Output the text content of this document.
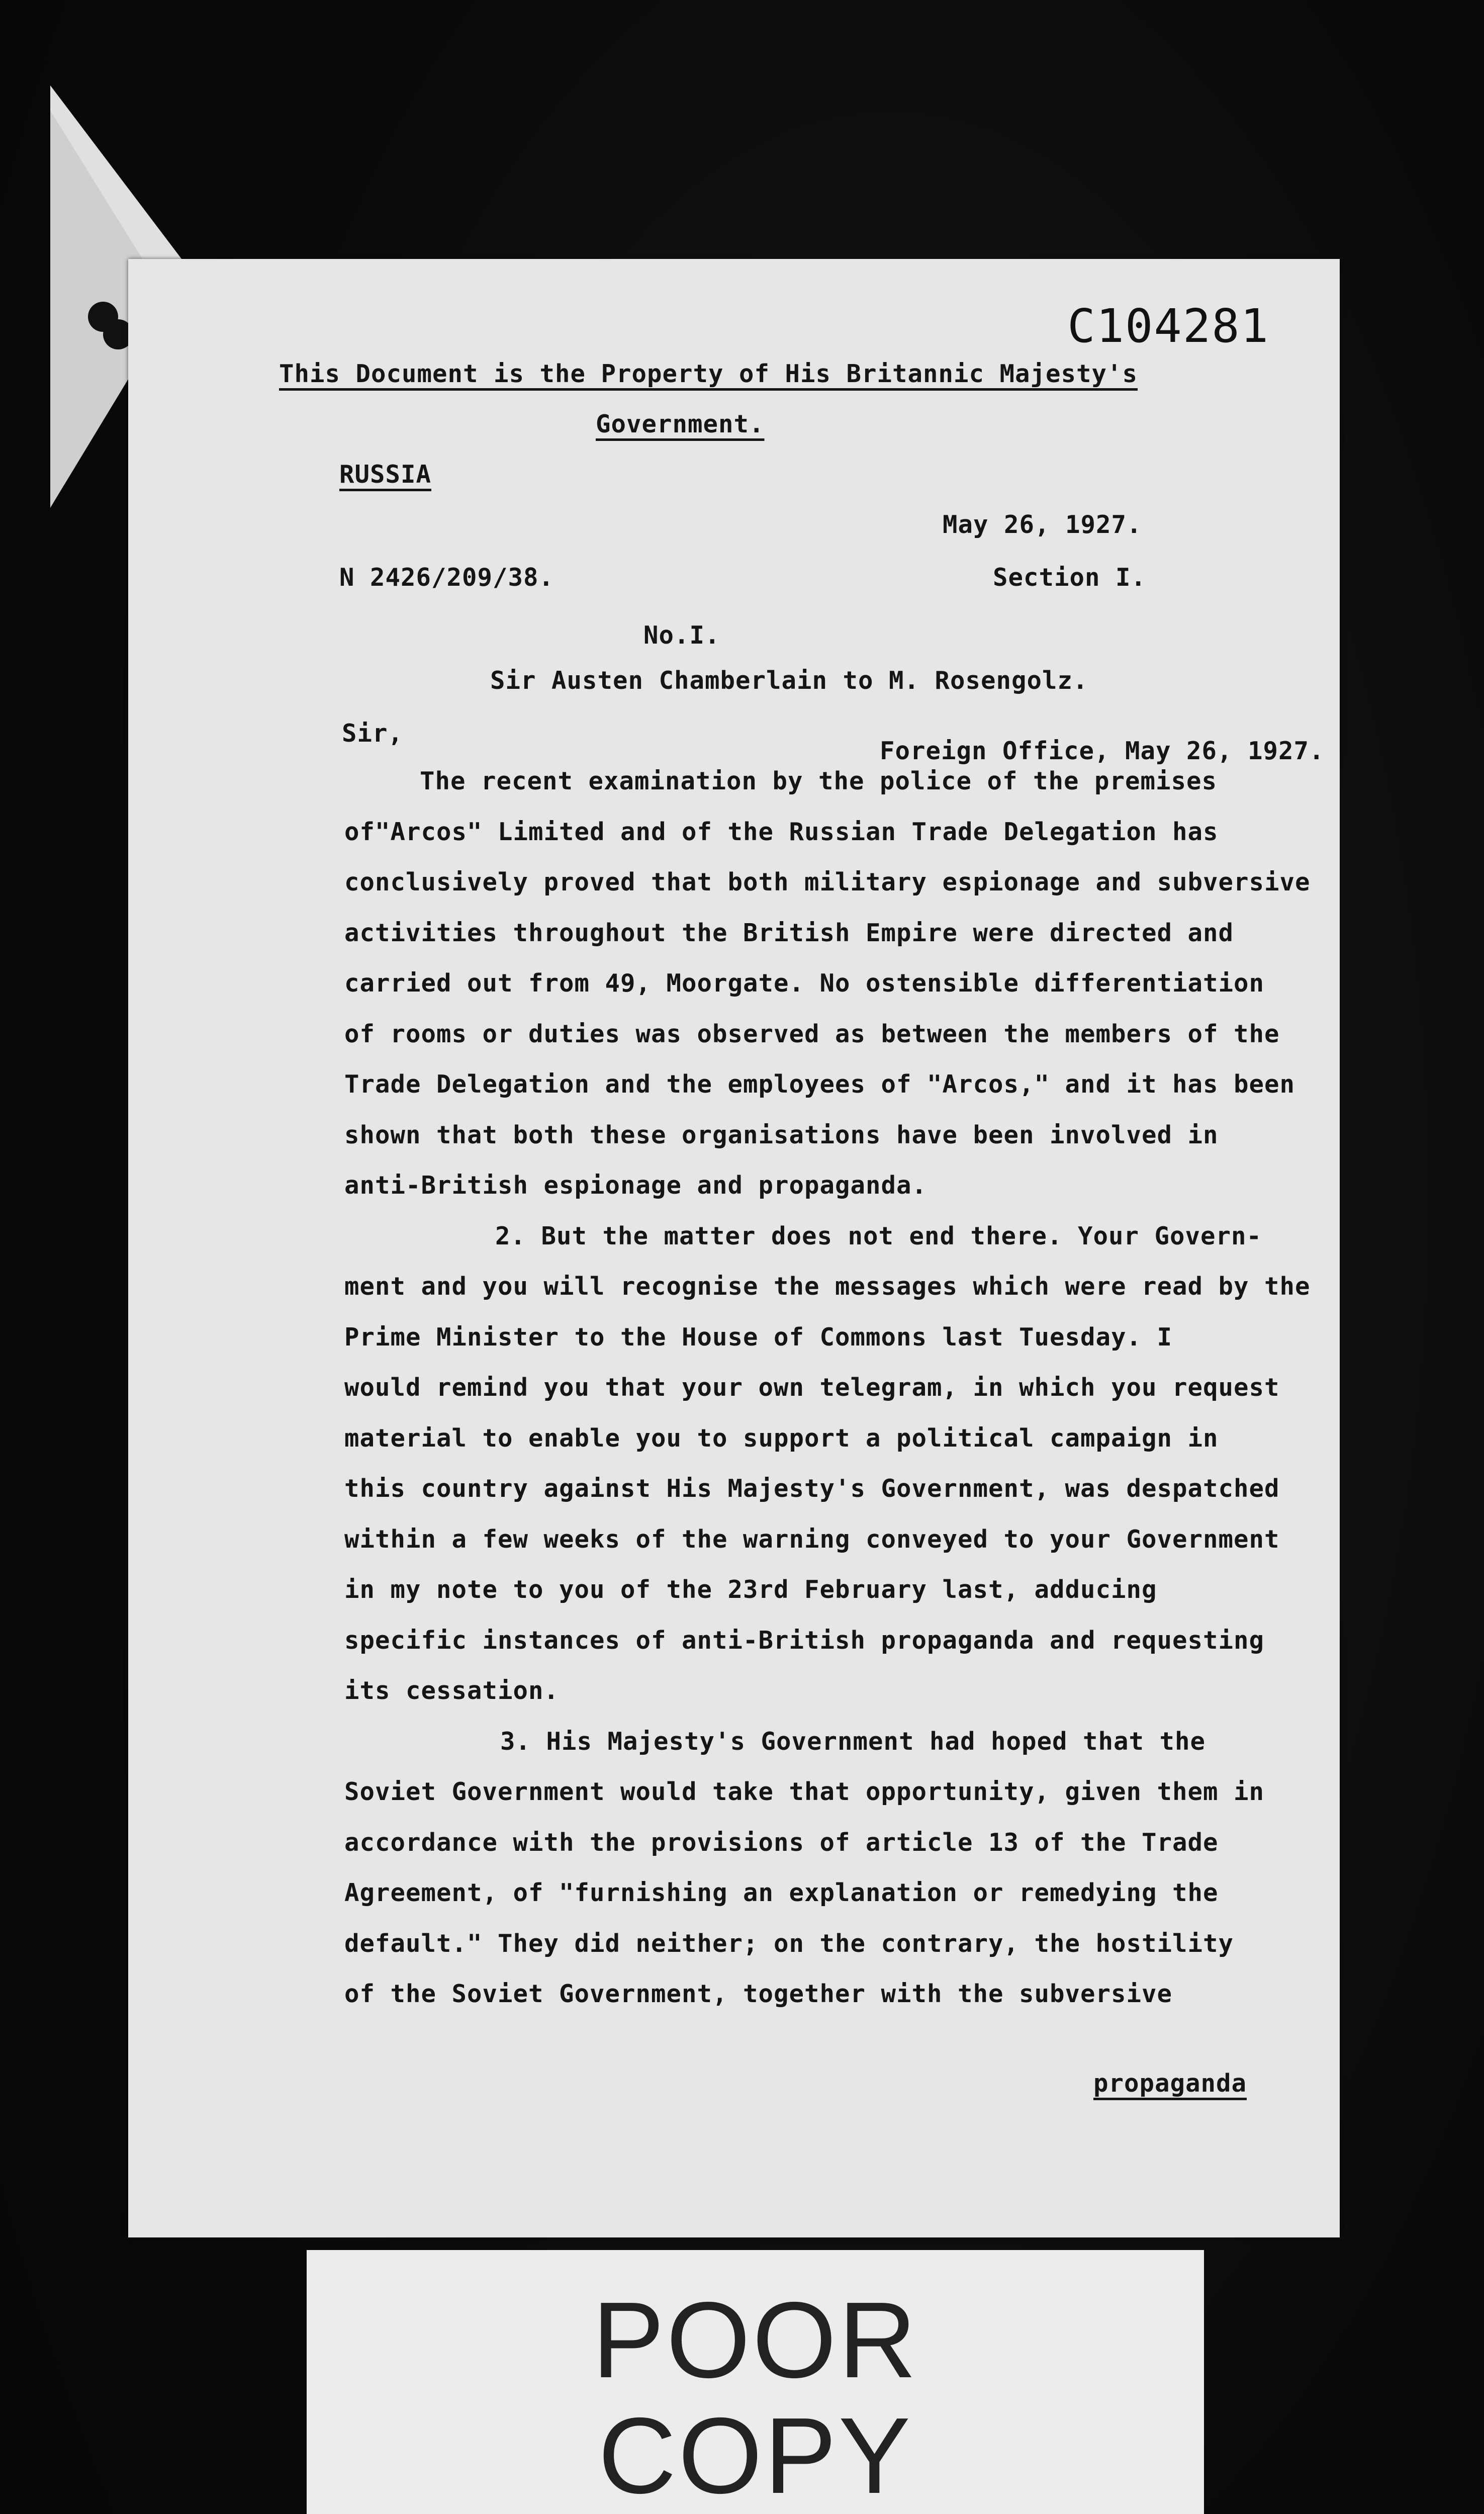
C104281
This Document is the Property of His Britannic Majesty's
Government.
RUSSIA
May 26, 1927.
N 2426/209/38.	Section I.
No.I.
Sir Austen Chamberlain to M. Rosengolz.
Sir,
Foreign Office, May 26, 1927.
The recent examination by the police of the premises
of"Arcos" Limited and of the Russian Trade Delegation has
conclusively proved that both military espionage and subversive
activities throughout the British Empire were directed and
carried out from 49, Moorgate. No ostensible differentiation
of rooms or duties was observed as between the members of the
Trade Delegation and the employees of "Arcos," and it has been
shown that both these organisations have been involved in
anti-British espionage and propaganda.
2. But the matter does not end there. Your Govern-
ment and you will recognise the messages which were read by the
Prime Minister to the House of Commons last Tuesday. I
would remind you that your own telegram, in which you request
material to enable you to support a political campaign in
this country against His Majesty's Government, was despatched
within a few weeks of the warning conveyed to your Government
in my note to you of the 23rd February last, adducing
specific instances of anti-British propaganda and requesting
its cessation.
3. His Majesty's Government had hoped that the
Soviet Government would take that opportunity, given them in
accordance with the provisions of article 13 of the Trade
Agreement, of "furnishing an explanation or remedying the
default." They did neither; on the contrary, the hostility
of the Soviet Government, together with the subversive
propaganda
POOR
COPY
